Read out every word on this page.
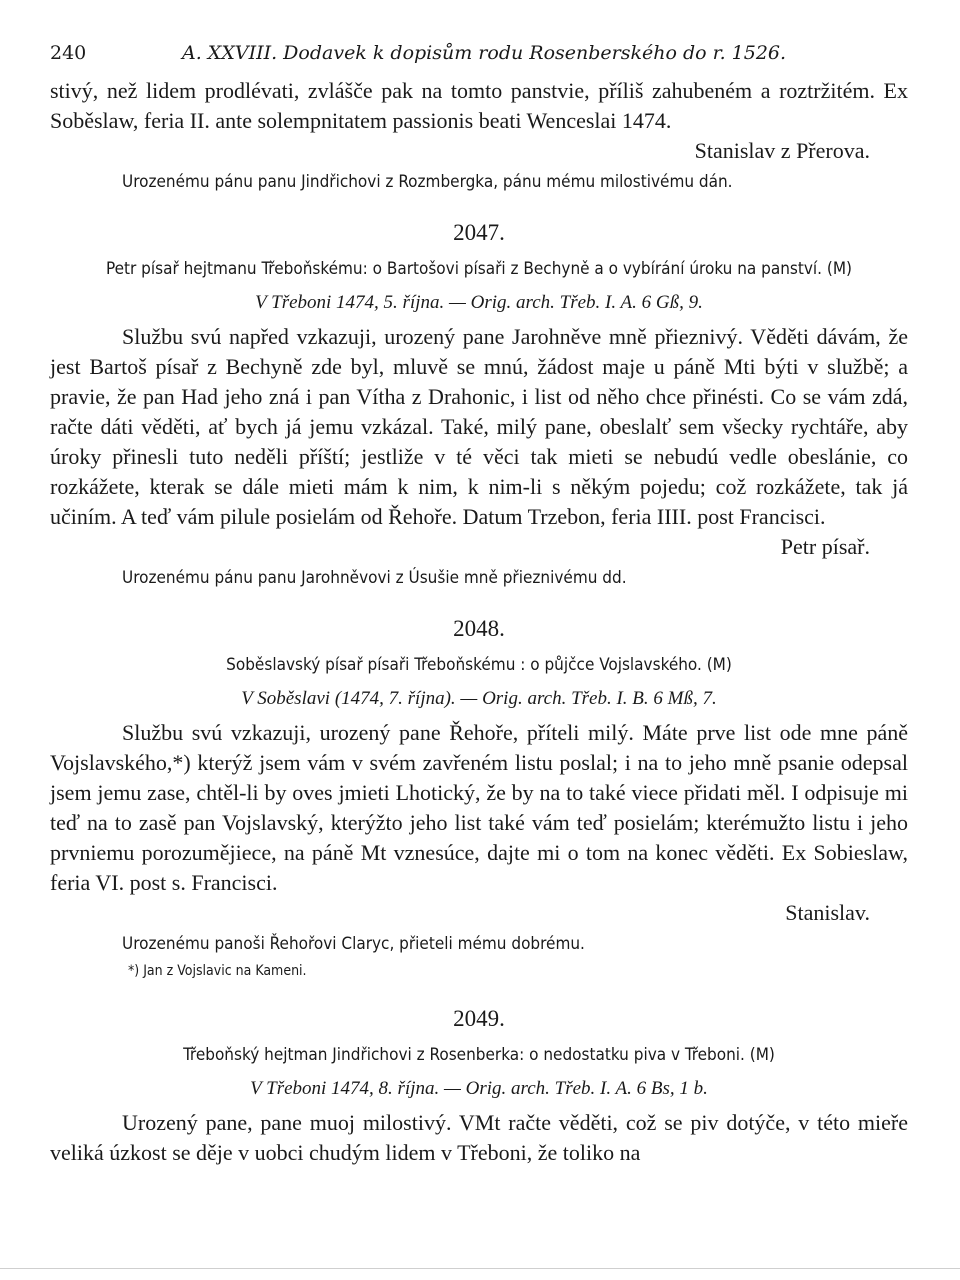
240	A. XXVIII. Dodavek k dopisům rodu Rosenberského do r. 1526.

stivý, než lidem prodlévati, zvlášče pak na tomto panstvie, příliš zahubeném a roztržitém. Ex Soběslaw, feria II. ante solempnitatem passionis beati Wenceslai 1474.

Stanislav z Přerova.

Urozenému pánu panu Jindřichovi z Rozmbergka, pánu mému milostivému dán.

2047.

Petr písař hejtmanu Třeboňskému: o Bartošovi písaři z Bechyně a o vybírání úroku na panství. (M)

V Třeboni 1474, 5. října. — Orig. arch. Třeb. I. A. 6 Gß, 9.

Službu svú napřed vzkazuji, urozený pane Jarohněve mně přieznivý. Věděti dávám, že jest Bartoš písař z Bechyně zde byl, mluvě se mnú, žádost maje u páně Mti býti v službě; a pravie, že pan Had jeho zná i pan Vítha z Drahonic, i list od něho chce přinésti. Co se vám zdá, račte dáti věděti, ať bych já jemu vzkázal. Také, milý pane, obeslalť sem všecky rychtáře, aby úroky přinesli tuto neděli příští; jestliže v té věci tak mieti se nebudú vedle obeslánie, co rozkážete, kterak se dále mieti mám k nim, k nim-li s někým pojedu; což rozkážete, tak já učiním. A teď vám pilule posielám od Řehoře. Datum Trzebon, feria IIII. post Francisci.

Petr písař.

Urozenému pánu panu Jarohněvovi z Úsušie mně přieznivému dd.

2048.

Soběslavský písař písaři Třeboňskému : o půjčce Vojslavského. (M)

V Soběslavi (1474, 7. října). — Orig. arch. Třeb. I. B. 6 Mß, 7.

Službu svú vzkazuji, urozený pane Řehoře, příteli milý. Máte prve list ode mne páně Vojslavského,*) kterýž jsem vám v svém zavřeném listu poslal; i na to jeho mně psanie odepsal jsem jemu zase, chtěl-li by oves jmieti Lhotický, že by na to také viece přidati měl. I odpisuje mi teď na to zasě pan Vojslavský, kterýžto jeho list také vám teď posielám; kterémužto listu i jeho prvniemu porozumějiece, na páně Mt vznesúce, dajte mi o tom na konec věděti. Ex Sobieslaw, feria VI. post s. Francisci.

Stanislav.

Urozenému panoši Řehořovi Claryc, přieteli mému dobrému.

*) Jan z Vojslavic na Kameni.

2049.

Třeboňský hejtman Jindřichovi z Rosenberka: o nedostatku piva v Třeboni. (M)

V Třeboni 1474, 8. října. — Orig. arch. Třeb. I. A. 6 Bs, 1 b.

Urozený pane, pane muoj milostivý. VMt račte věděti, což se piv dotýče, v této mieře veliká úzkost se děje v uobci chudým lidem v Třeboni, že toliko na
